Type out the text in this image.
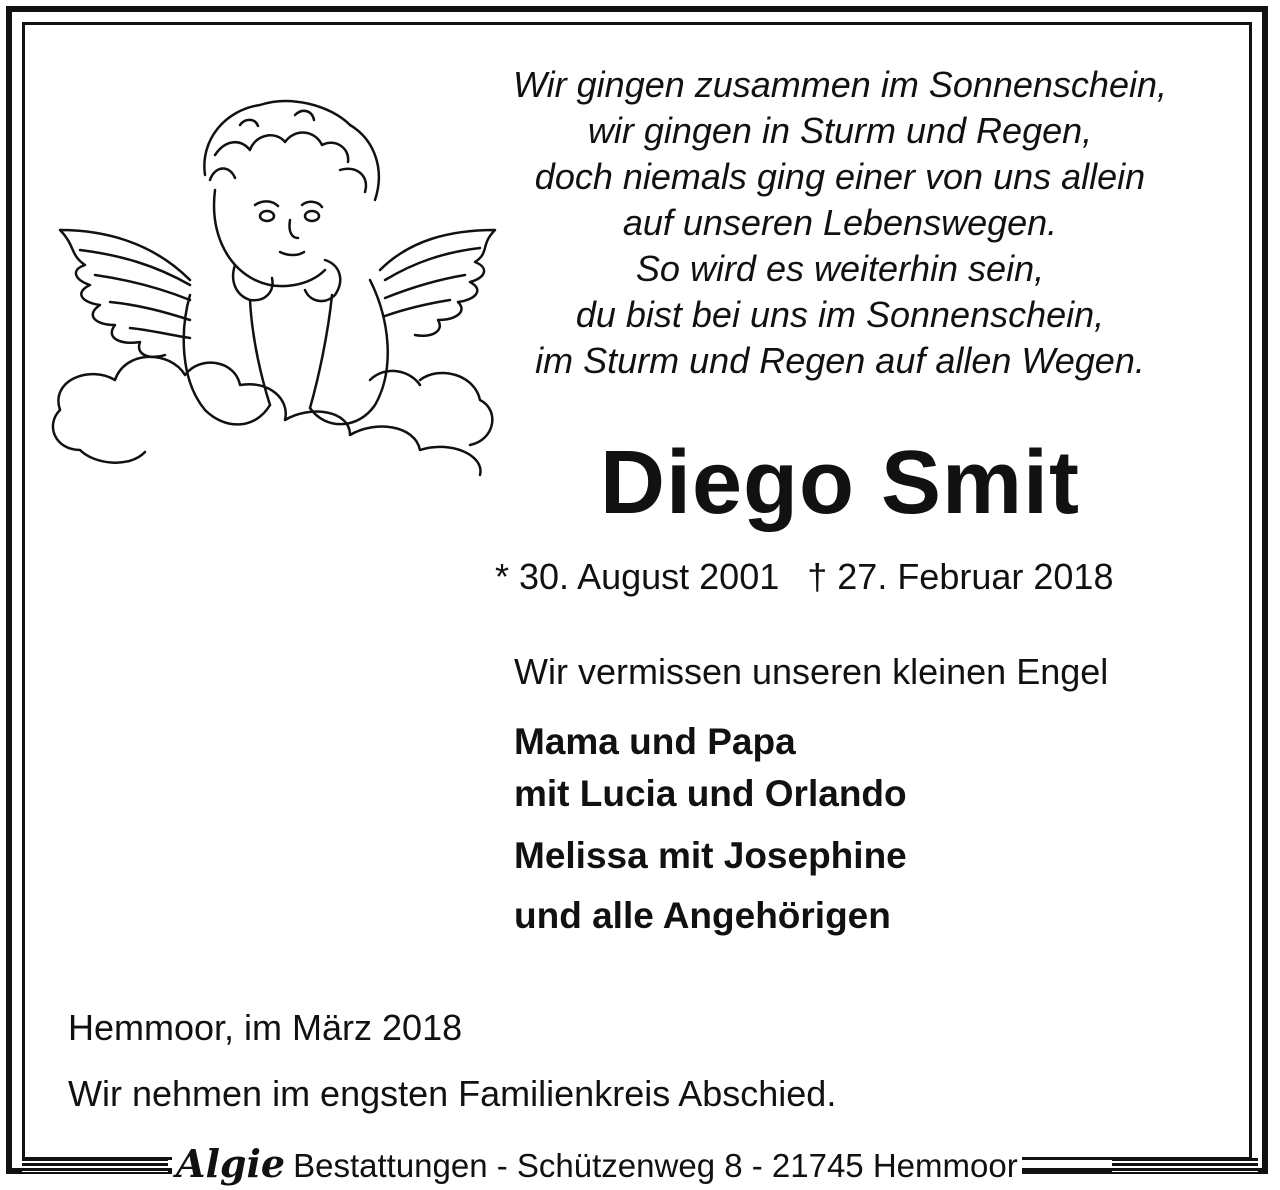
Wir gingen zusammen im Sonnenschein,
wir gingen in Sturm und Regen,
doch niemals ging einer von uns allein
auf unseren Lebenswegen.
So wird es weiterhin sein,
du bist bei uns im Sonnenschein,
im Sturm und Regen auf allen Wegen.
Diego Smit
* 30. August 2001 † 27. Februar 2018
Wir vermissen unseren kleinen Engel
Mama und Papa
mit Lucia und Orlando
Melissa mit Josephine
und alle Angehörigen
Hemmoor, im März 2018
Wir nehmen im engsten Familienkreis Abschied.
Algie Bestattungen - Schützenweg 8 - 21745 Hemmoor
